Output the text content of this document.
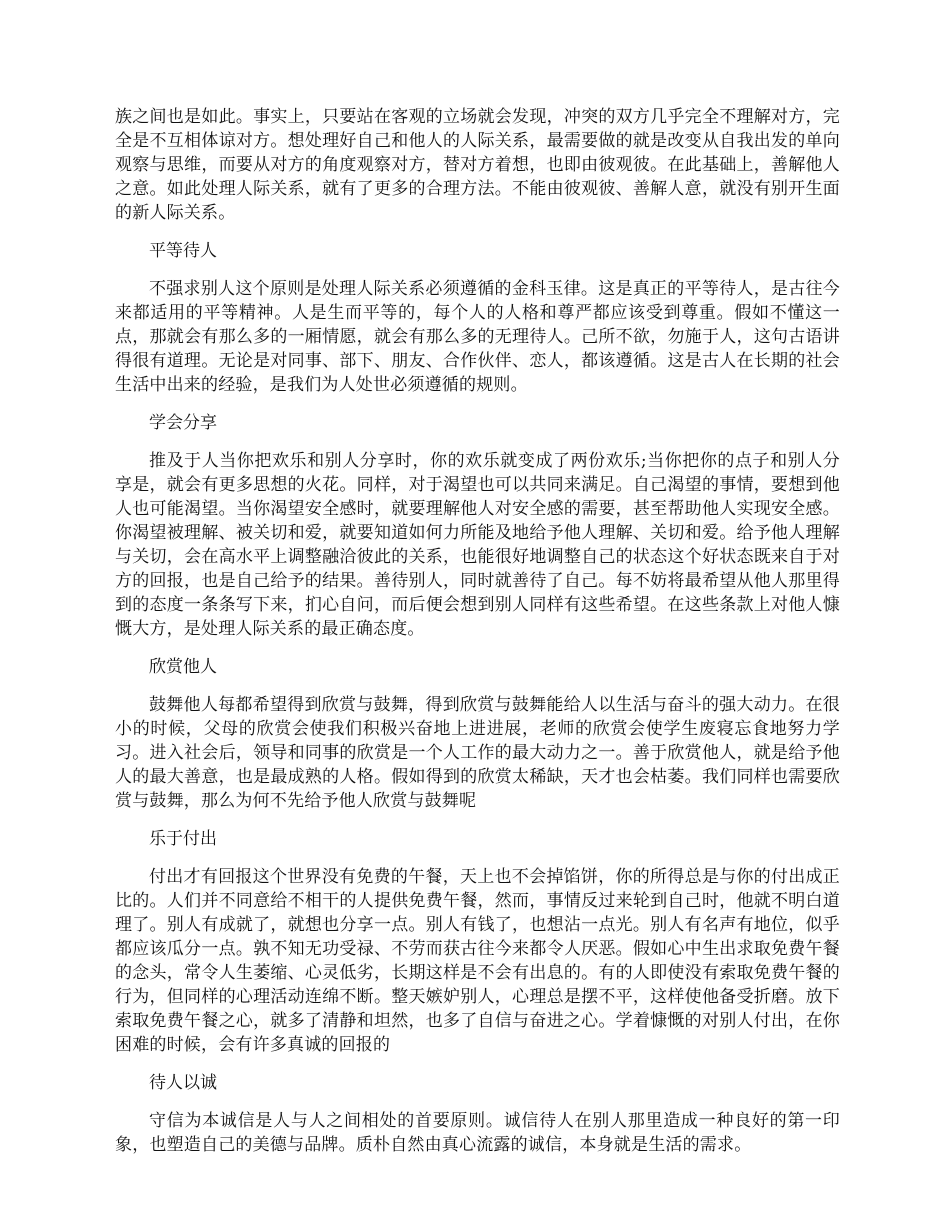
族之间也是如此。事实上，只要站在客观的立场就会发现，冲突的双方几乎完全不理解对方，完全是不互相体谅对方。想处理好自己和他人的人际关系，最需要做的就是改变从自我出发的单向观察与思维，而要从对方的角度观察对方，替对方着想，也即由彼观彼。在此基础上，善解他人之意。如此处理人际关系，就有了更多的合理方法。不能由彼观彼、善解人意，就没有别开生面的新人际关系。

平等待人

不强求别人这个原则是处理人际关系必须遵循的金科玉律。这是真正的平等待人，是古往今来都适用的平等精神。人是生而平等的，每个人的人格和尊严都应该受到尊重。假如不懂这一点，那就会有那么多的一厢情愿，就会有那么多的无理待人。己所不欲，勿施于人，这句古语讲得很有道理。无论是对同事、部下、朋友、合作伙伴、恋人，都该遵循。这是古人在长期的社会生活中出来的经验，是我们为人处世必须遵循的规则。

学会分享

推及于人当你把欢乐和别人分享时，你的欢乐就变成了两份欢乐;当你把你的点子和别人分享是，就会有更多思想的火花。同样，对于渴望也可以共同来满足。自己渴望的事情，要想到他人也可能渴望。当你渴望安全感时，就要理解他人对安全感的需要，甚至帮助他人实现安全感。你渴望被理解、被关切和爱，就要知道如何力所能及地给予他人理解、关切和爱。给予他人理解与关切，会在高水平上调整融洽彼此的关系，也能很好地调整自己的状态这个好状态既来自于对方的回报，也是自己给予的结果。善待别人，同时就善待了自己。每不妨将最希望从他人那里得到的态度一条条写下来，扪心自问，而后便会想到别人同样有这些希望。在这些条款上对他人慷慨大方，是处理人际关系的最正确态度。

欣赏他人

鼓舞他人每都希望得到欣赏与鼓舞，得到欣赏与鼓舞能给人以生活与奋斗的强大动力。在很小的时候，父母的欣赏会使我们积极兴奋地上进进展，老师的欣赏会使学生废寝忘食地努力学习。进入社会后，领导和同事的欣赏是一个人工作的最大动力之一。善于欣赏他人，就是给予他人的最大善意，也是最成熟的人格。假如得到的欣赏太稀缺，天才也会枯萎。我们同样也需要欣赏与鼓舞，那么为何不先给予他人欣赏与鼓舞呢

乐于付出

付出才有回报这个世界没有免费的午餐，天上也不会掉馅饼，你的所得总是与你的付出成正比的。人们并不同意给不相干的人提供免费午餐，然而，事情反过来轮到自己时，他就不明白道理了。别人有成就了，就想也分享一点。别人有钱了，也想沾一点光。别人有名声有地位，似乎都应该瓜分一点。孰不知无功受禄、不劳而获古往今来都令人厌恶。假如心中生出求取免费午餐的念头，常令人生萎缩、心灵低劣，长期这样是不会有出息的。有的人即使没有索取免费午餐的行为，但同样的心理活动连绵不断。整天嫉妒别人，心理总是摆不平，这样使他备受折磨。放下索取免费午餐之心，就多了清静和坦然，也多了自信与奋进之心。学着慷慨的对别人付出，在你困难的时候，会有许多真诚的回报的

待人以诚

守信为本诚信是人与人之间相处的首要原则。诚信待人在别人那里造成一种良好的第一印象，也塑造自己的美德与品牌。质朴自然由真心流露的诚信，本身就是生活的需求。
